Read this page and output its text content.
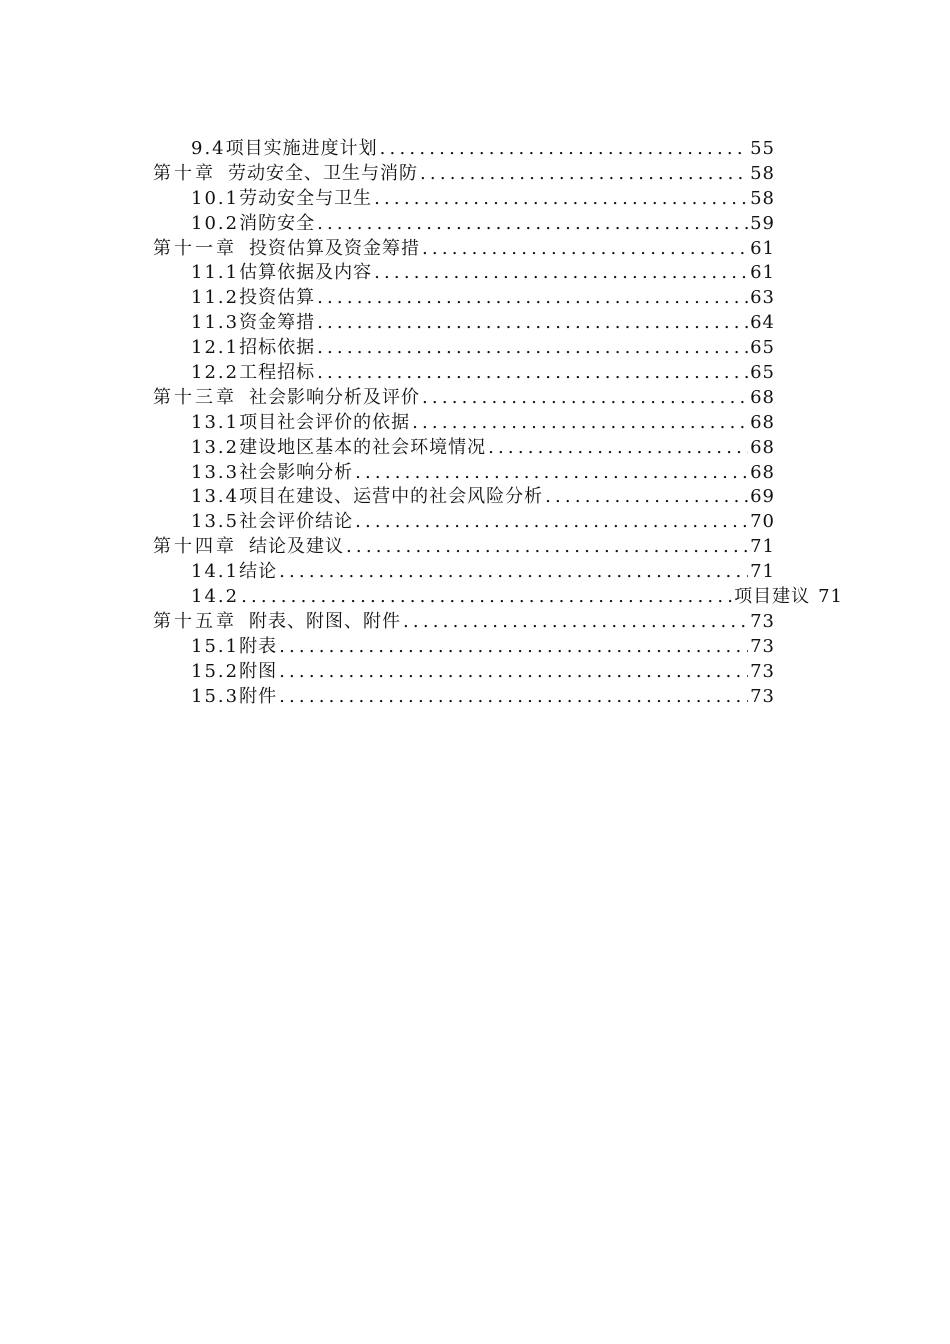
9.4 项目实施进度计划 .....	55
第十章 劳动安全、卫生与消防 .....	58
10.1 劳动安全与卫生 .....	58
10.2 消防安全 .....	59
第十一章 投资估算及资金筹措 .....	61
11.1 估算依据及内容 .....	61
11.2 投资估算 .....	63
11.3 资金筹措 .....	64
12.1 招标依据 .....	65
12.2 工程招标 .....	65
第十三章 社会影响分析及评价 .....	68
13.1 项目社会评价的依据 .....	68
13.2 建设地区基本的社会环境情况 .....	68
13.3 社会影响分析 .....	68
13.4 项目在建设、运营中的社会风险分析 .....	69
13.5 社会评价结论 .....	70
第十四章 结论及建议 .....	71
14.1 结论 .....	71
14.2 .....	项目建议 71
第十五章 附表、附图、附件 .....	73
15.1 附表 .....	73
15.2 附图 .....	73
15.3 附件 .....	73
